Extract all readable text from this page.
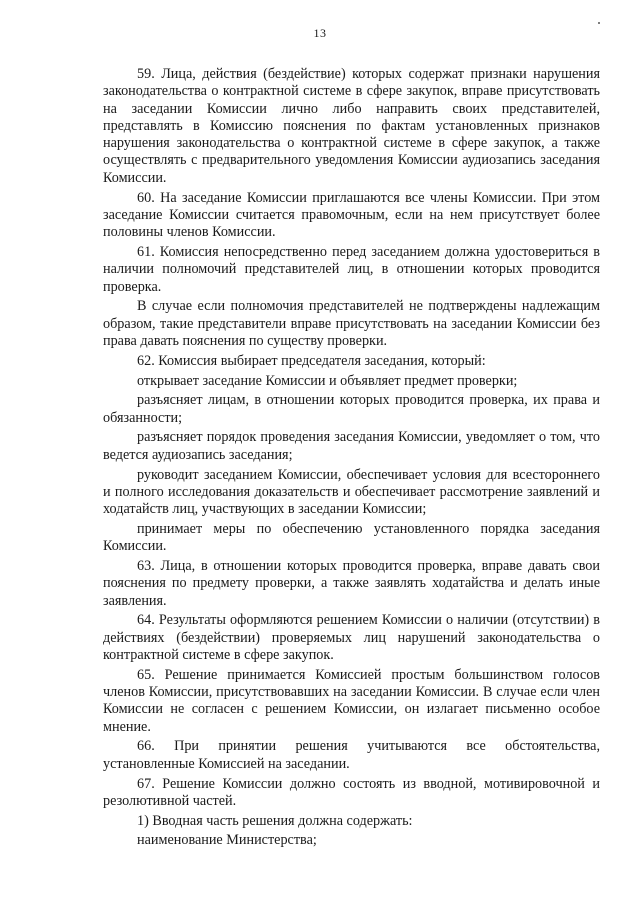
13

59. Лица, действия (бездействие) которых содержат признаки нарушения законодательства о контрактной системе в сфере закупок, вправе присутствовать на заседании Комиссии лично либо направить своих представителей, представлять в Комиссию пояснения по фактам установленных признаков нарушения законодательства о контрактной системе в сфере закупок, а также осуществлять с предварительного уведомления Комиссии аудиозапись заседания Комиссии.

60. На заседание Комиссии приглашаются все члены Комиссии. При этом заседание Комиссии считается правомочным, если на нем присутствует более половины членов Комиссии.

61. Комиссия непосредственно перед заседанием должна удостовериться в наличии полномочий представителей лиц, в отношении которых проводится проверка.

В случае если полномочия представителей не подтверждены надлежащим образом, такие представители вправе присутствовать на заседании Комиссии без права давать пояснения по существу проверки.

62. Комиссия выбирает председателя заседания, который:

открывает заседание Комиссии и объявляет предмет проверки;

разъясняет лицам, в отношении которых проводится проверка, их права и обязанности;

разъясняет порядок проведения заседания Комиссии, уведомляет о том, что ведется аудиозапись заседания;

руководит заседанием Комиссии, обеспечивает условия для всестороннего и полного исследования доказательств и обеспечивает рассмотрение заявлений и ходатайств лиц, участвующих в заседании Комиссии;

принимает меры по обеспечению установленного порядка заседания Комиссии.

63. Лица, в отношении которых проводится проверка, вправе давать свои пояснения по предмету проверки, а также заявлять ходатайства и делать иные заявления.

64. Результаты оформляются решением Комиссии о наличии (отсутствии) в действиях (бездействии) проверяемых лиц нарушений законодательства о контрактной системе в сфере закупок.

65. Решение принимается Комиссией простым большинством голосов членов Комиссии, присутствовавших на заседании Комиссии. В случае если член Комиссии не согласен с решением Комиссии, он излагает письменно особое мнение.

66. При принятии решения учитываются все обстоятельства, установленные Комиссией на заседании.

67. Решение Комиссии должно состоять из вводной, мотивировочной и резолютивной частей.

1) Вводная часть решения должна содержать:

наименование Министерства;
